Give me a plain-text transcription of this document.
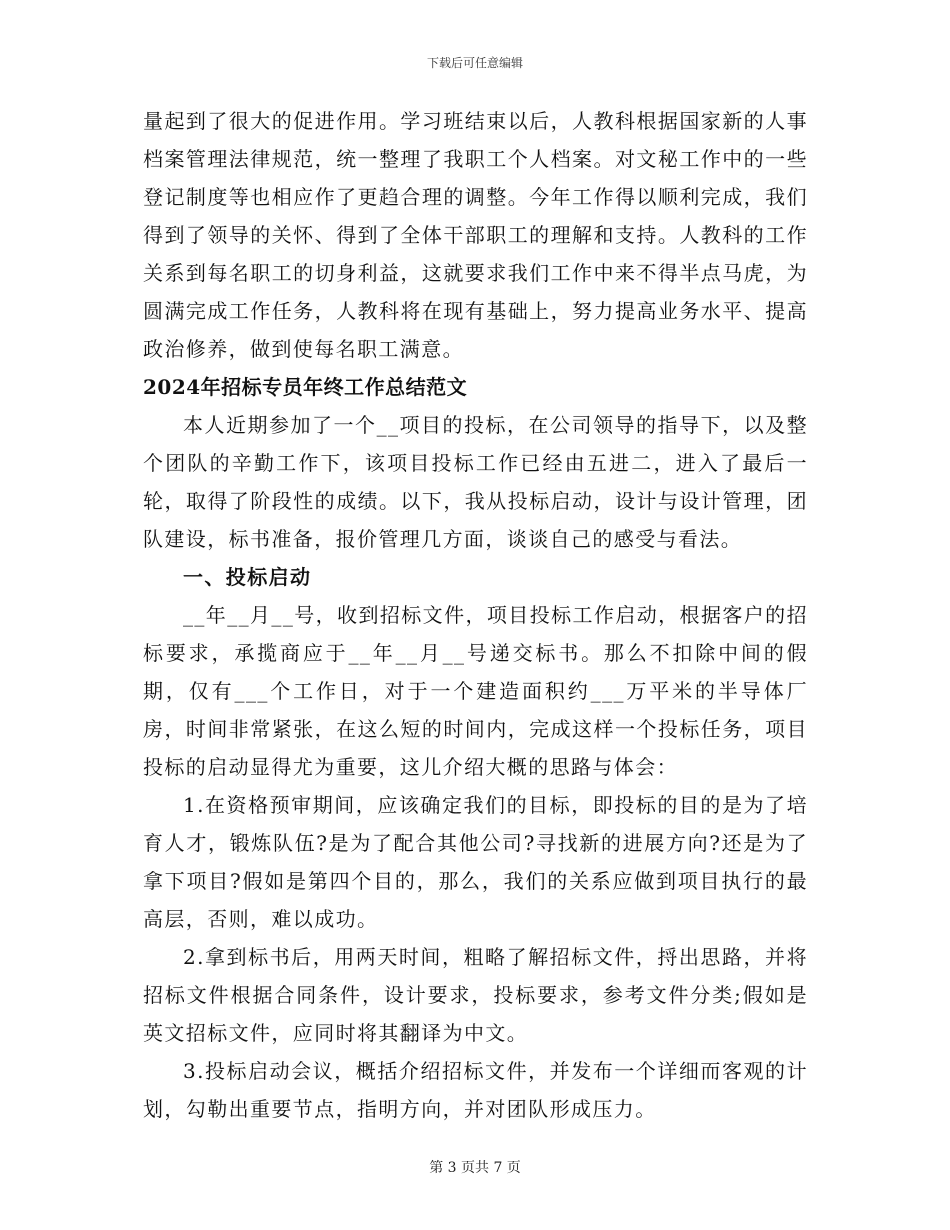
下载后可任意编辑

量起到了很大的促进作用。学习班结束以后，人教科根据国家新的人事档案管理法律规范，统一整理了我职工个人档案。对文秘工作中的一些登记制度等也相应作了更趋合理的调整。今年工作得以顺利完成，我们得到了领导的关怀、得到了全体干部职工的理解和支持。人教科的工作关系到每名职工的切身利益，这就要求我们工作中来不得半点马虎，为圆满完成工作任务，人教科将在现有基础上，努力提高业务水平、提高政治修养，做到使每名职工满意。

2024年招标专员年终工作总结范文

本人近期参加了一个__项目的投标，在公司领导的指导下，以及整个团队的辛勤工作下，该项目投标工作已经由五进二，进入了最后一轮，取得了阶段性的成绩。以下，我从投标启动，设计与设计管理，团队建设，标书准备，报价管理几方面，谈谈自己的感受与看法。

一、投标启动

__年__月__号，收到招标文件，项目投标工作启动，根据客户的招标要求，承揽商应于__年__月__号递交标书。那么不扣除中间的假期，仅有___个工作日，对于一个建造面积约___万平米的半导体厂房，时间非常紧张，在这么短的时间内，完成这样一个投标任务，项目投标的启动显得尤为重要，这儿介绍大概的思路与体会：

1.在资格预审期间，应该确定我们的目标，即投标的目的是为了培育人才，锻炼队伍?是为了配合其他公司?寻找新的进展方向?还是为了拿下项目?假如是第四个目的，那么，我们的关系应做到项目执行的最高层，否则，难以成功。

2.拿到标书后，用两天时间，粗略了解招标文件，捋出思路，并将招标文件根据合同条件，设计要求，投标要求，参考文件分类;假如是英文招标文件，应同时将其翻译为中文。

3.投标启动会议，概括介绍招标文件，并发布一个详细而客观的计划，勾勒出重要节点，指明方向，并对团队形成压力。

第 3 页共 7 页
